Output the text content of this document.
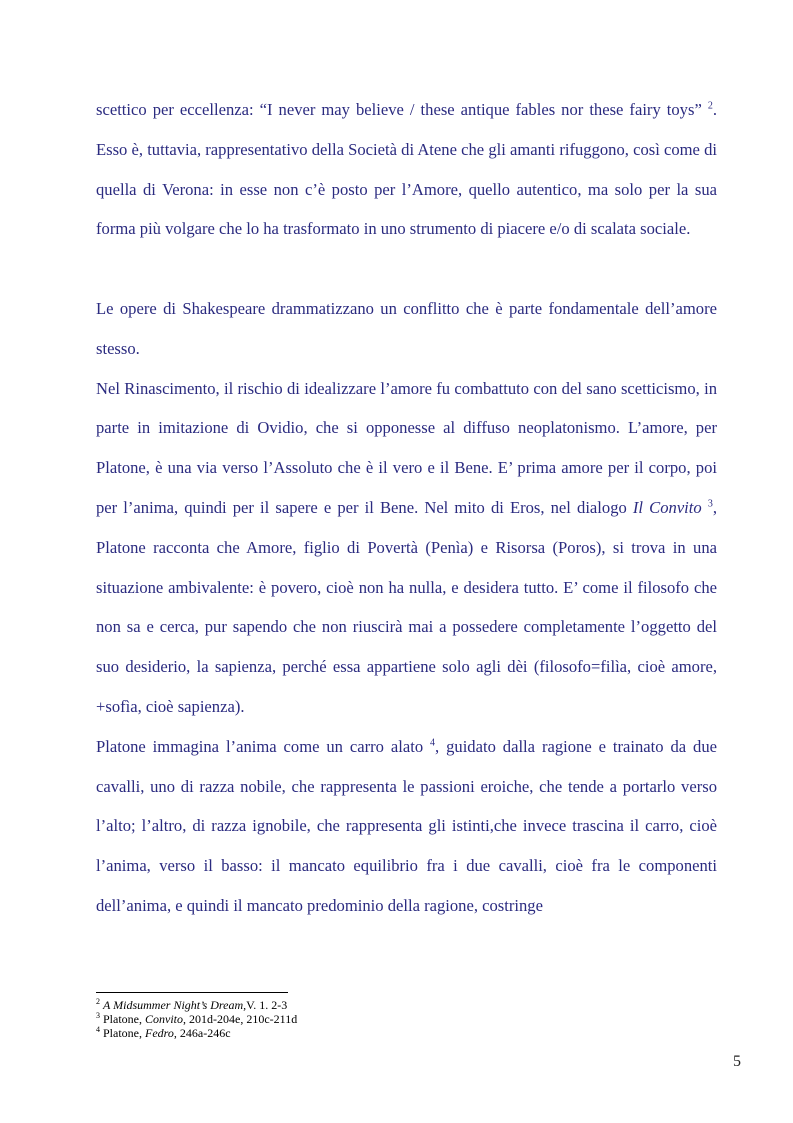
scettico per eccellenza: “I never may believe / these antique fables nor these fairy toys” $^2$. Esso è, tuttavia, rappresentativo della Società di Atene che gli amanti rifuggono, così come di quella di Verona: in esse non c’è posto per l’Amore, quello autentico, ma solo per la sua forma più volgare che lo ha trasformato in uno strumento di piacere e/o di scalata sociale.

Le opere di Shakespeare drammatizzano un conflitto che è parte fondamentale dell’amore stesso.

Nel Rinascimento, il rischio di idealizzare l’amore fu combattuto con del sano scetticismo, in parte in imitazione di Ovidio, che si opponesse al diffuso neoplatonismo. L’amore, per Platone, è una via verso l’Assoluto che è il vero e il Bene. E’ prima amore per il corpo, poi per l’anima, quindi per il sapere e per il Bene. Nel mito di Eros, nel dialogo Il Convito $^3$, Platone racconta che Amore, figlio di Povertà (Penìa) e Risorsa (Poros), si trova in una situazione ambivalente: è povero, cioè non ha nulla, e desidera tutto. E’ come il filosofo che non sa e cerca, pur sapendo che non riuscirà mai a possedere completamente l’oggetto del suo desiderio, la sapienza, perché essa appartiene solo agli dèi (filosofo=filìa, cioè amore, +sofìa, cioè sapienza).

Platone immagina l’anima come un carro alato $^4$, guidato dalla ragione e trainato da due cavalli, uno di razza nobile, che rappresenta le passioni eroiche, che tende a portarlo verso l’alto; l’altro, di razza ignobile, che rappresenta gli istinti,che invece trascina il carro, cioè l’anima, verso il basso: il mancato equilibrio fra i due cavalli, cioè fra le componenti dell’anima, e quindi il mancato predominio della ragione, costringe

$^2$ A Midsummer Night’s Dream,V. 1. 2-3
$^3$ Platone, Convito, 201d-204e, 210c-211d
$^4$ Platone, Fedro, 246a-246c
5
